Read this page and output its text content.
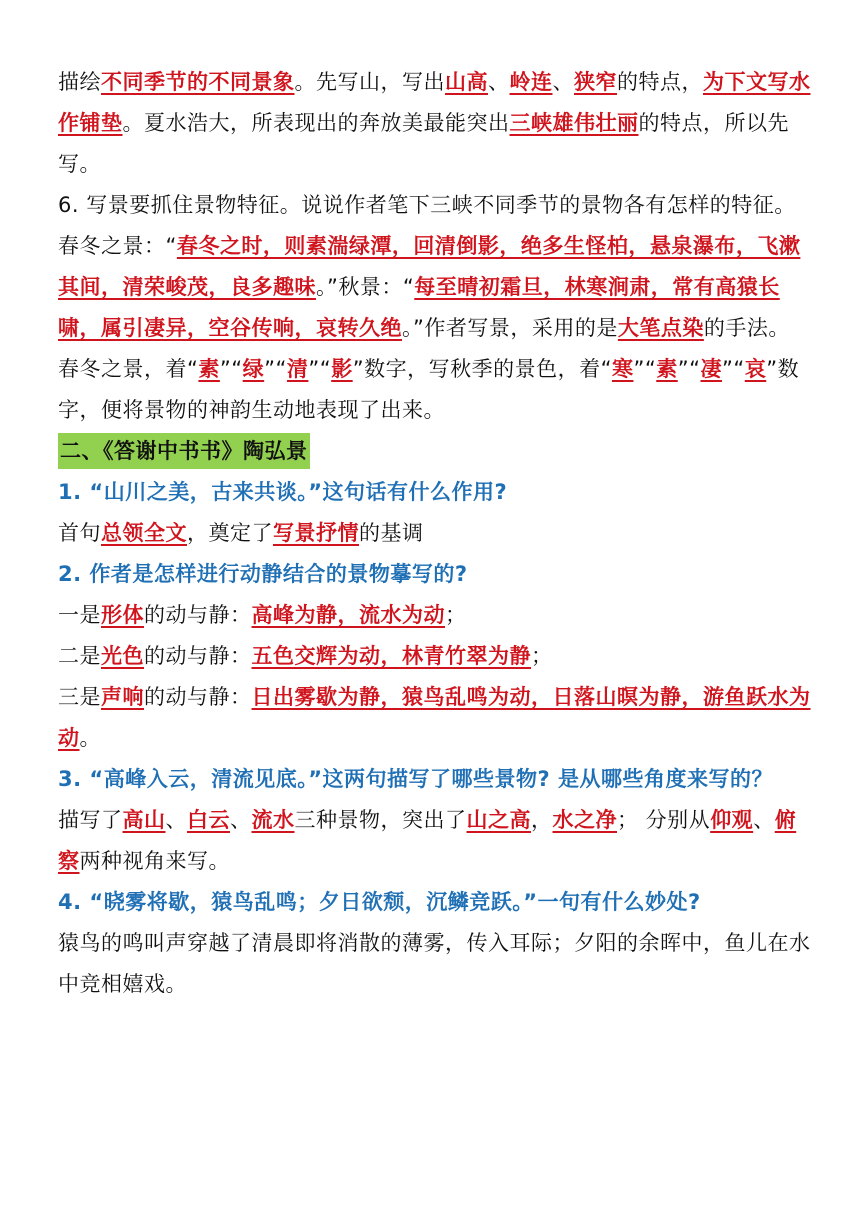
描绘不同季节的不同景象。先写山，写出山高、岭连、狭窄的特点，为下文写水作铺垫。夏水浩大，所表现出的奔放美最能突出三峡雄伟壮丽的特点，所以先写。

6. 写景要抓住景物特征。说说作者笔下三峡不同季节的景物各有怎样的特征。

春冬之景：“春冬之时，则素湍绿潭，回清倒影，绝多生怪柏，悬泉瀑布，飞漱其间，清荣峻茂，良多趣味。”秋景：“每至晴初霜旦，林寒涧肃，常有高猿长啸，属引凄异，空谷传响，哀转久绝。”作者写景，采用的是大笔点染的手法。

春冬之景，着“素”“绿”“清”“影”数字，写秋季的景色，着“寒”“素”“凄”“哀”数字，便将景物的神韵生动地表现了出来。

二、《答谢中书书》陶弘景

1. “山川之美，古来共谈。”这句话有什么作用?

首句总领全文，奠定了写景抒情的基调

2. 作者是怎样进行动静结合的景物摹写的?

一是形体的动与静：高峰为静，流水为动；

二是光色的动与静：五色交辉为动，林青竹翠为静；

三是声响的动与静：日出雾歇为静，猿鸟乱鸣为动，日落山暝为静，游鱼跃水为动。

3. “高峰入云，清流见底。”这两句描写了哪些景物? 是从哪些角度来写的？

描写了高山、白云、流水三种景物，突出了山之高，水之净； 分别从仰观、俯察两种视角来写。

4. “晓雾将歇，猿鸟乱鸣；夕日欲颓，沉鳞竞跃。”一句有什么妙处?

猿鸟的鸣叫声穿越了清晨即将消散的薄雾，传入耳际；夕阳的余晖中，鱼儿在水中竞相嬉戏。
